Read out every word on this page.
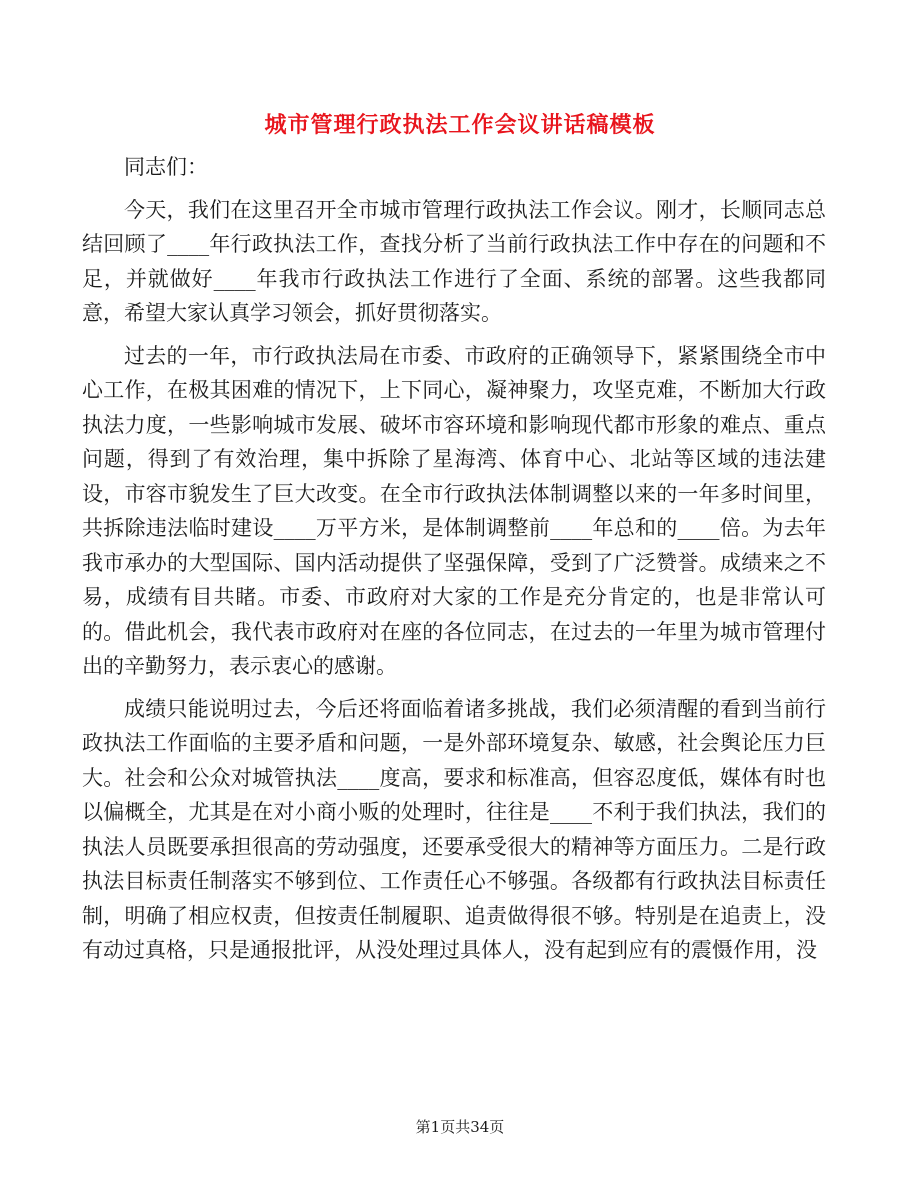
城市管理行政执法工作会议讲话稿模板

同志们：

今天，我们在这里召开全市城市管理行政执法工作会议。刚才，长顺同志总结回顾了____年行政执法工作，查找分析了当前行政执法工作中存在的问题和不足，并就做好____年我市行政执法工作进行了全面、系统的部署。这些我都同意，希望大家认真学习领会，抓好贯彻落实。

过去的一年，市行政执法局在市委、市政府的正确领导下，紧紧围绕全市中心工作，在极其困难的情况下，上下同心，凝神聚力，攻坚克难，不断加大行政执法力度，一些影响城市发展、破坏市容环境和影响现代都市形象的难点、重点问题，得到了有效治理，集中拆除了星海湾、体育中心、北站等区域的违法建设，市容市貌发生了巨大改变。在全市行政执法体制调整以来的一年多时间里，共拆除违法临时建设____万平方米，是体制调整前____年总和的____倍。为去年我市承办的大型国际、国内活动提供了坚强保障，受到了广泛赞誉。成绩来之不易，成绩有目共睹。市委、市政府对大家的工作是充分肯定的，也是非常认可的。借此机会，我代表市政府对在座的各位同志，在过去的一年里为城市管理付出的辛勤努力，表示衷心的感谢。

成绩只能说明过去，今后还将面临着诸多挑战，我们必须清醒的看到当前行政执法工作面临的主要矛盾和问题，一是外部环境复杂、敏感，社会舆论压力巨大。社会和公众对城管执法____度高，要求和标准高，但容忍度低，媒体有时也以偏概全，尤其是在对小商小贩的处理时，往往是____不利于我们执法，我们的执法人员既要承担很高的劳动强度，还要承受很大的精神等方面压力。二是行政执法目标责任制落实不够到位、工作责任心不够强。各级都有行政执法目标责任制，明确了相应权责，但按责任制履职、追责做得很不够。特别是在追责上，没有动过真格，只是通报批评，从没处理过具体人，没有起到应有的震慑作用，没

第1页共34页
